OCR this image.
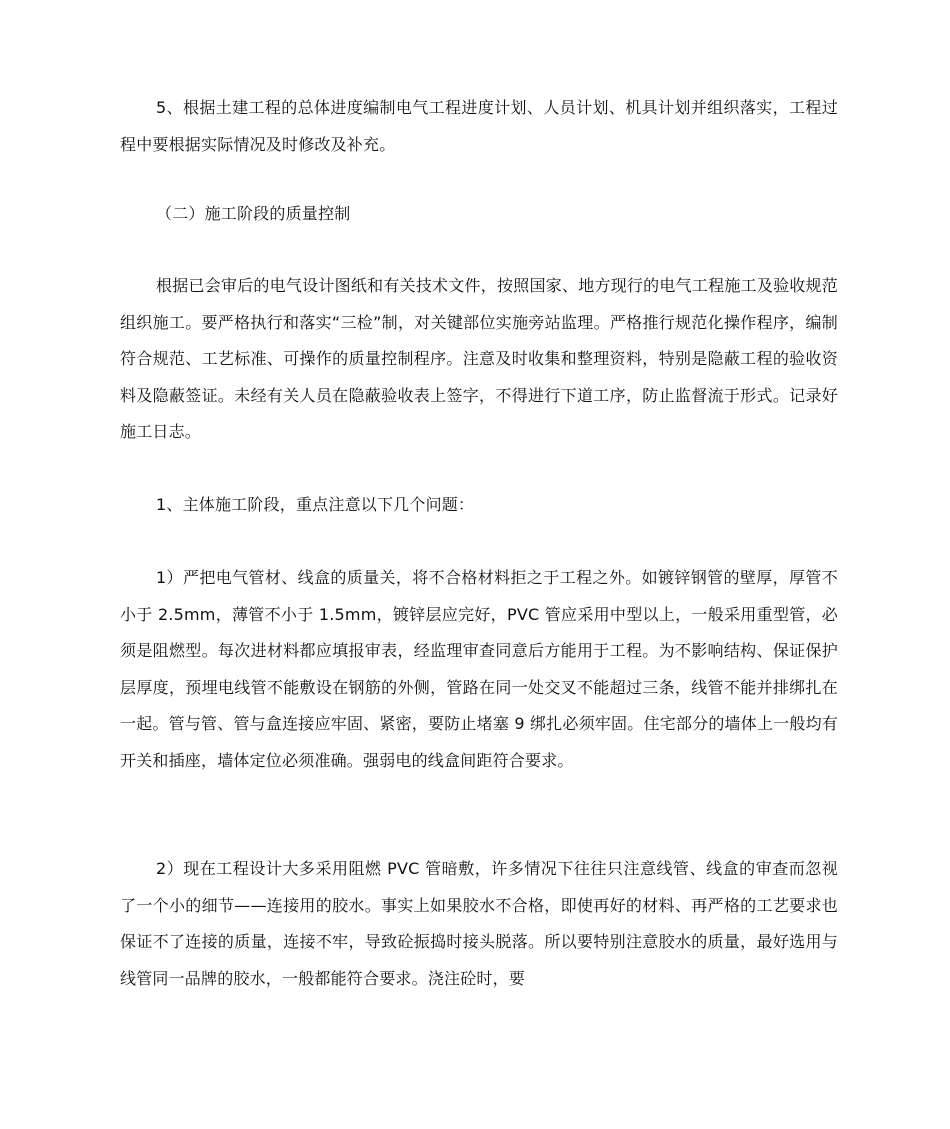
5、根据土建工程的总体进度编制电气工程进度计划、人员计划、机具计划并组织落实，工程过程中要根据实际情况及时修改及补充。

（二）施工阶段的质量控制

根据已会审后的电气设计图纸和有关技术文件，按照国家、地方现行的电气工程施工及验收规范组织施工。要严格执行和落实“三检”制，对关键部位实施旁站监理。严格推行规范化操作程序，编制符合规范、工艺标准、可操作的质量控制程序。注意及时收集和整理资料，特别是隐蔽工程的验收资料及隐蔽签证。未经有关人员在隐蔽验收表上签字，不得进行下道工序，防止监督流于形式。记录好施工日志。

1、主体施工阶段，重点注意以下几个问题：

1）严把电气管材、线盒的质量关，将不合格材料拒之于工程之外。如镀锌钢管的壁厚，厚管不小于 2.5mm，薄管不小于 1.5mm，镀锌层应完好，PVC 管应采用中型以上，一般采用重型管，必须是阻燃型。每次进材料都应填报审表，经监理审查同意后方能用于工程。为不影响结构、保证保护层厚度，预埋电线管不能敷设在钢筋的外侧，管路在同一处交叉不能超过三条，线管不能并排绑扎在一起。管与管、管与盒连接应牢固、紧密，要防止堵塞 9 绑扎必须牢固。住宅部分的墙体上一般均有开关和插座，墙体定位必须准确。强弱电的线盒间距符合要求。

2）现在工程设计大多采用阻燃 PVC 管暗敷，许多情况下往往只注意线管、线盒的审查而忽视了一个小的细节——连接用的胶水。事实上如果胶水不合格，即使再好的材料、再严格的工艺要求也保证不了连接的质量，连接不牢，导致砼振捣时接头脱落。所以要特别注意胶水的质量，最好选用与线管同一品牌的胶水，一般都能符合要求。浇注砼时，要
